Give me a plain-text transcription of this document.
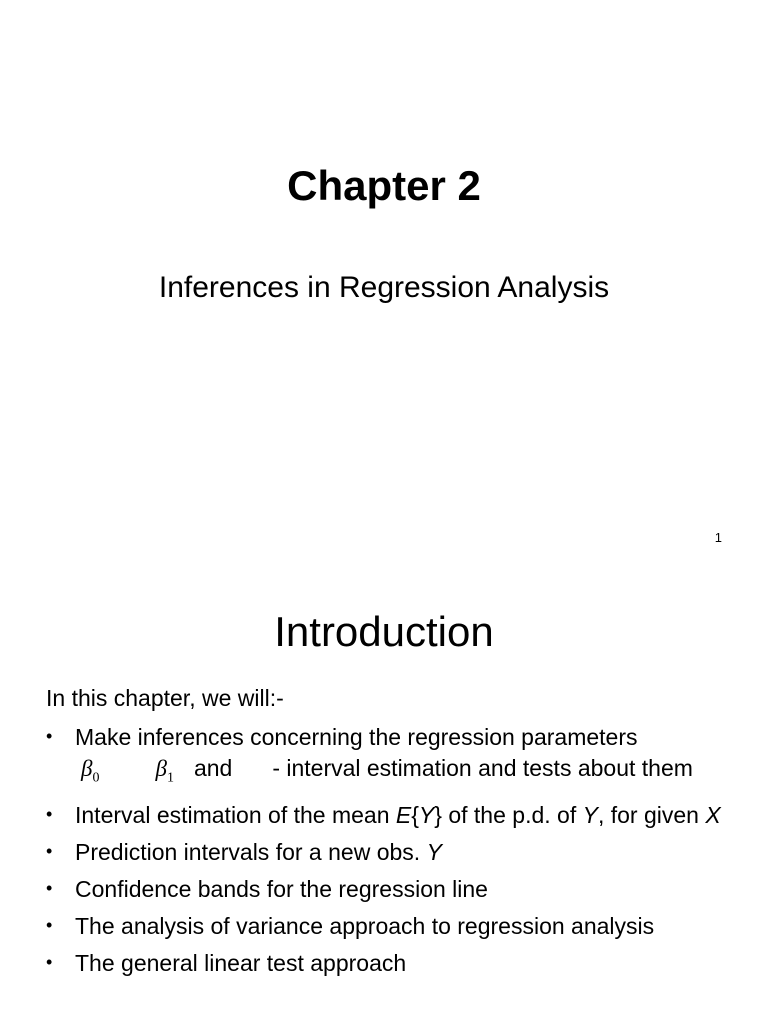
Chapter 2
Inferences in Regression Analysis
1
Introduction
In this chapter, we will:-
• Make inferences concerning the regression parameters
$\beta_0$ $\beta_1$ and - interval estimation and tests about them
• Interval estimation of the mean E{Y} of the p.d. of Y, for given X
• Prediction intervals for a new obs. Y
• Confidence bands for the regression line
• The analysis of variance approach to regression analysis
• The general linear test approach
